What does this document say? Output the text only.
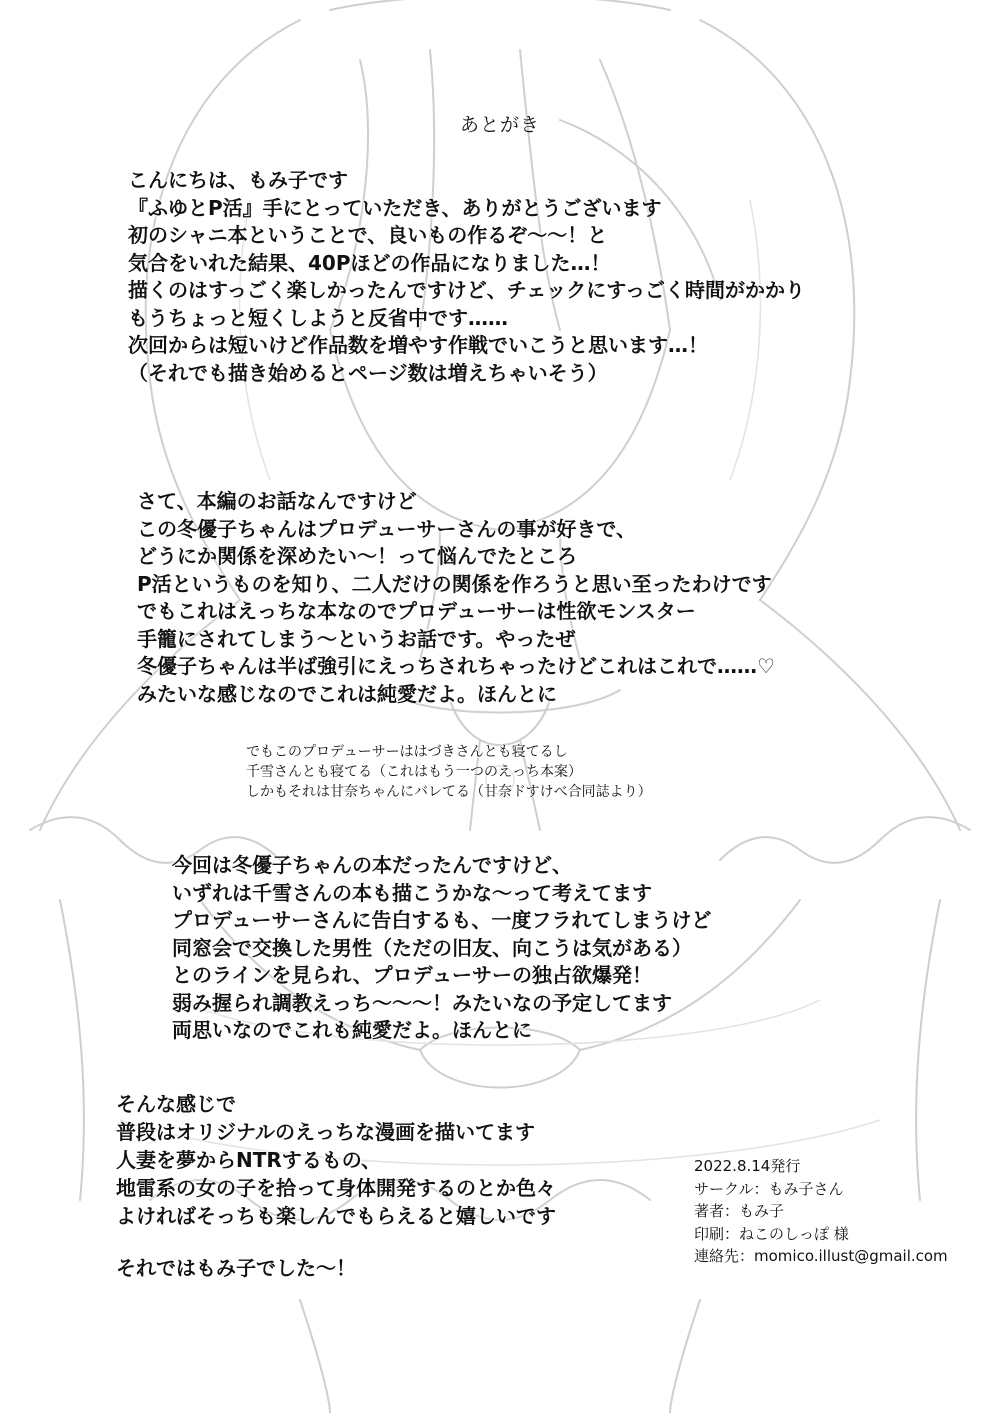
あとがき
こんにちは、もみ子です
『ふゆとP活』手にとっていただき、ありがとうございます
初のシャニ本ということで、良いもの作るぞ～～！と
気合をいれた結果、40Pほどの作品になりました…！
描くのはすっごく楽しかったんですけど、チェックにすっごく時間がかかり
もうちょっと短くしようと反省中です……
次回からは短いけど作品数を増やす作戦でいこうと思います…！
（それでも描き始めるとページ数は増えちゃいそう）
さて、本編のお話なんですけど
この冬優子ちゃんはプロデューサーさんの事が好きで、
どうにか関係を深めたい～！って悩んでたところ
P活というものを知り、二人だけの関係を作ろうと思い至ったわけです
でもこれはえっちな本なのでプロデューサーは性欲モンスター
手籠にされてしまう～というお話です。やったぜ
冬優子ちゃんは半ば強引にえっちされちゃったけどこれはこれで……♡
みたいな感じなのでこれは純愛だよ。ほんとに
でもこのプロデューサーははづきさんとも寝てるし
千雪さんとも寝てる（これはもう一つのえっち本案）
しかもそれは甘奈ちゃんにバレてる（甘奈ドすけべ合同誌より）
今回は冬優子ちゃんの本だったんですけど、
いずれは千雪さんの本も描こうかな～って考えてます
プロデューサーさんに告白するも、一度フラれてしまうけど
同窓会で交換した男性（ただの旧友、向こうは気がある）
とのラインを見られ、プロデューサーの独占欲爆発！
弱み握られ調教えっち～～～！みたいなの予定してます
両思いなのでこれも純愛だよ。ほんとに
そんな感じで
普段はオリジナルのえっちな漫画を描いてます
人妻を夢からNTRするもの、
地雷系の女の子を拾って身体開発するのとか色々
よければそっちも楽しんでもらえると嬉しいです
それではもみ子でした～！
2022.8.14発行
サークル：もみ子さん
著者：もみ子
印刷：ねこのしっぽ 様
連絡先：momico.illust@gmail.com
